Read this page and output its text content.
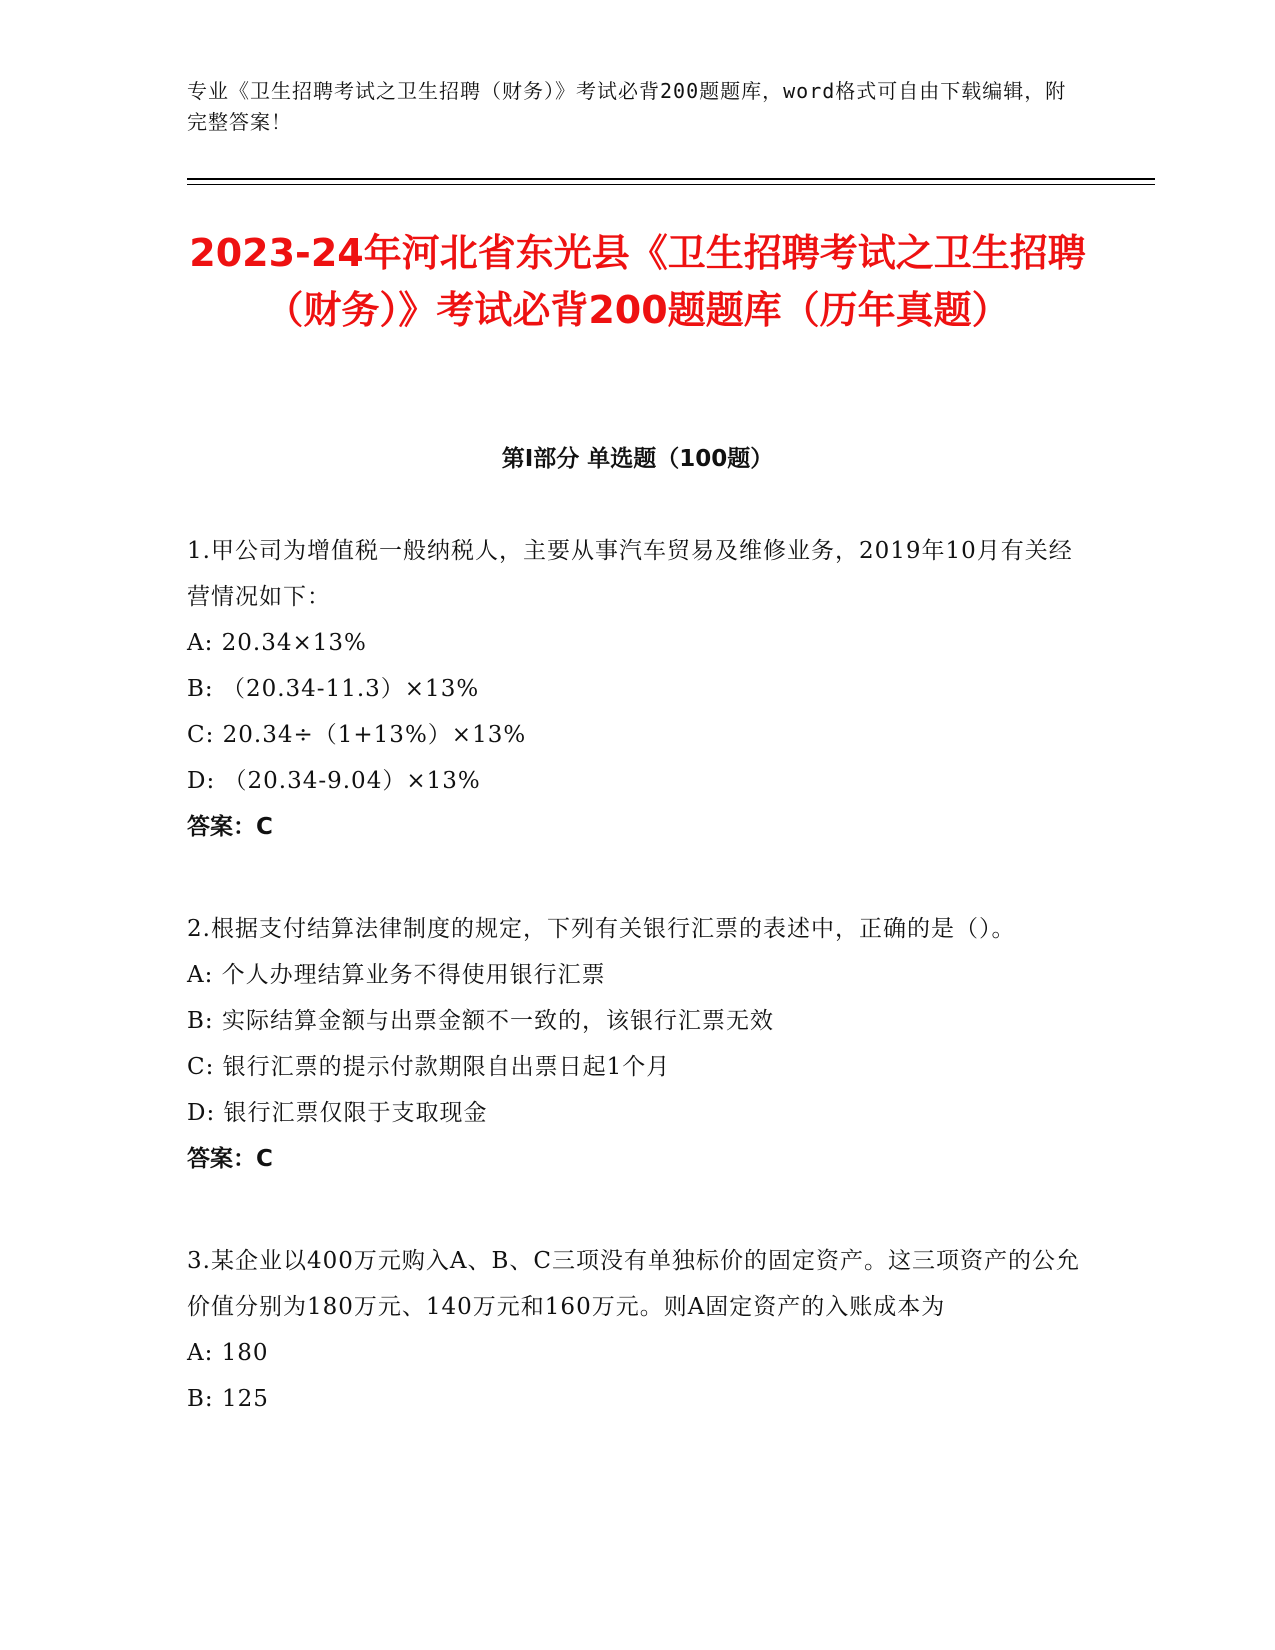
专业《卫生招聘考试之卫生招聘（财务）》考试必背200题题库，word格式可自由下载编辑，附完整答案！
2023-24年河北省东光县《卫生招聘考试之卫生招聘（财务）》考试必背200题题库（历年真题）
第Ⅰ部分 单选题（100题）
1.甲公司为增值税一般纳税人，主要从事汽车贸易及维修业务，2019年10月有关经营情况如下：
A: 20.34×13%
B: （20.34-11.3）×13%
C: 20.34÷（1+13%）×13%
D: （20.34-9.04）×13%
答案：C
2.根据支付结算法律制度的规定，下列有关银行汇票的表述中，正确的是（）。
A: 个人办理结算业务不得使用银行汇票
B: 实际结算金额与出票金额不一致的，该银行汇票无效
C: 银行汇票的提示付款期限自出票日起1个月
D: 银行汇票仅限于支取现金
答案：C
3.某企业以400万元购入A、B、C三项没有单独标价的固定资产。这三项资产的公允价值分别为180万元、140万元和160万元。则A固定资产的入账成本为
A: 180
B: 125
